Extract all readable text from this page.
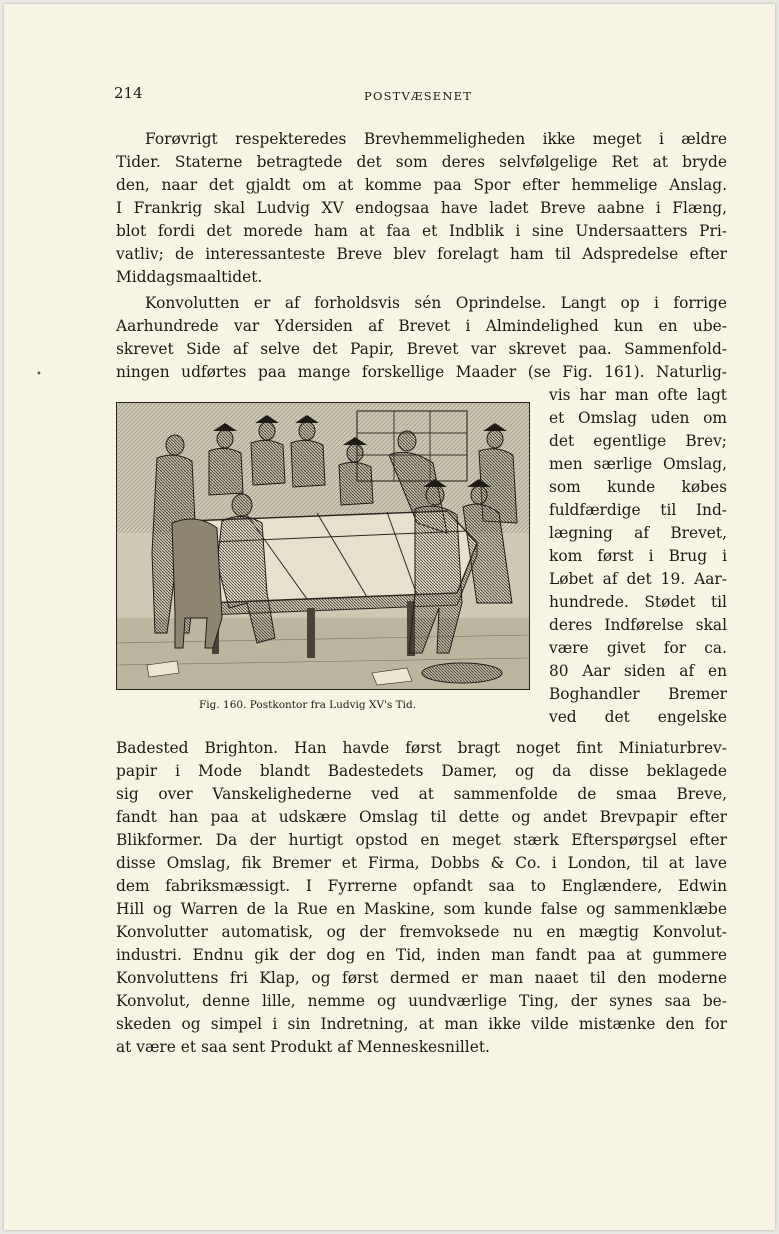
214	POSTVÆSENET
Forøvrigt respekteredes Brevhemmeligheden ikke meget i ældre
Tider. Staterne betragtede det som deres selvfølgelige Ret at bryde
den, naar det gjaldt om at komme paa Spor efter hemmelige Anslag.
I Frankrig skal Ludvig XV endogsaa have ladet Breve aabne i Flæng,
blot fordi det morede ham at faa et Indblik i sine Undersaatters Pri-
vatliv; de interessanteste Breve blev forelagt ham til Adspredelse efter
Middagsmaaltidet.
Konvolutten er af forholdsvis sén Oprindelse. Langt op i forrige
Aarhundrede var Ydersiden af Brevet i Almindelighed kun en ube-
skrevet Side af selve det Papir, Brevet var skrevet paa. Sammenfold-
ningen udførtes paa mange forskellige Maader (se Fig. 161). Naturlig-
vis har man ofte lagt
et Omslag uden om
det egentlige Brev;
men særlige Omslag,
som kunde købes
fuldfærdige til Ind-
lægning af Brevet,
kom først i Brug i
Løbet af det 19. Aar-
hundrede. Stødet til
deres Indførelse skal
være givet for ca.
80 Aar siden af en
Boghandler Bremer
ved det engelske
Fig. 160. Postkontor fra Ludvig XV's Tid.
Badested Brighton. Han havde først bragt noget fint Miniaturbrev-
papir i Mode blandt Badestedets Damer, og da disse beklagede
sig over Vanskelighederne ved at sammenfolde de smaa Breve,
fandt han paa at udskære Omslag til dette og andet Brevpapir efter
Blikformer. Da der hurtigt opstod en meget stærk Efterspørgsel efter
disse Omslag, fik Bremer et Firma, Dobbs & Co. i London, til at lave
dem fabriksmæssigt. I Fyrrerne opfandt saa to Englændere, Edwin
Hill og Warren de la Rue en Maskine, som kunde false og sammenklæbe
Konvolutter automatisk, og der fremvoksede nu en mægtig Konvolut-
industri. Endnu gik der dog en Tid, inden man fandt paa at gummere
Konvoluttens fri Klap, og først dermed er man naaet til den moderne
Konvolut, denne lille, nemme og uundværlige Ting, der synes saa be-
skeden og simpel i sin Indretning, at man ikke vilde mistænke den for
at være et saa sent Produkt af Menneskesnillet.
•
